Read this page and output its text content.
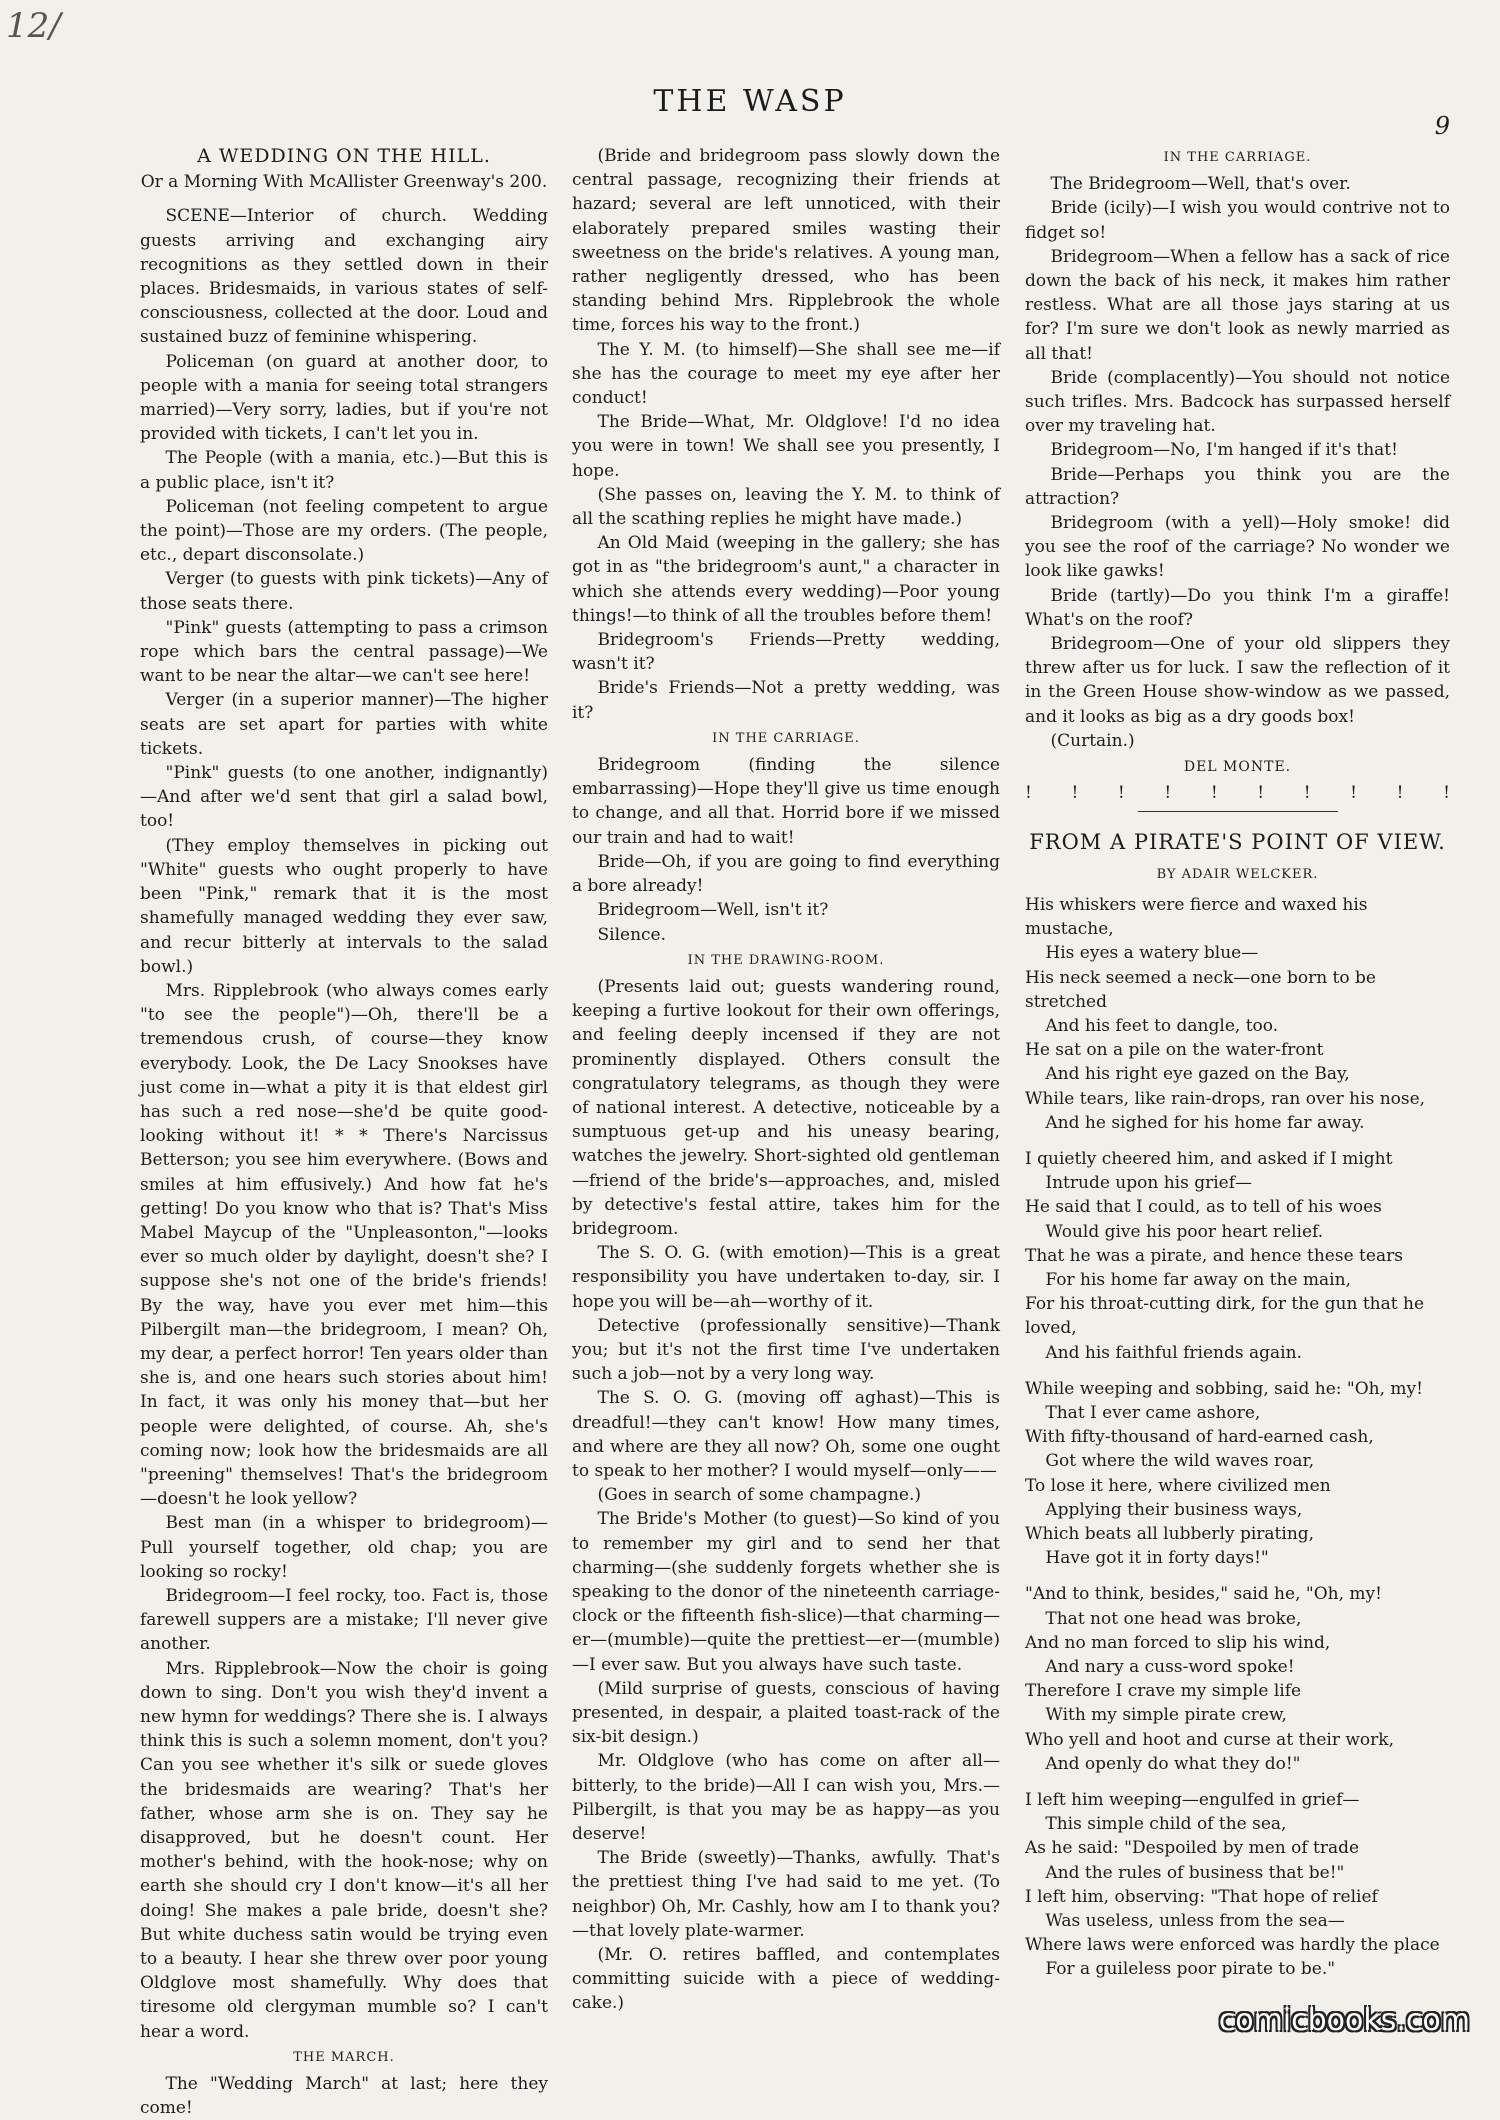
12/
THE WASP
9
A WEDDING ON THE HILL.
Or a Morning With McAllister Greenway's 200.

SCENE—Interior of church. Wedding guests arriving and exchanging airy recognitions as they settled down in their places. Bridesmaids, in various states of self-consciousness, collected at the door. Loud and sustained buzz of feminine whispering.

Policeman (on guard at another door, to people with a mania for seeing total strangers married)—Very sorry, ladies, but if you're not provided with tickets, I can't let you in.

The People (with a mania, etc.)—But this is a public place, isn't it?

Policeman (not feeling competent to argue the point)—Those are my orders. (The people, etc., depart disconsolate.)

Verger (to guests with pink tickets)—Any of those seats there.

"Pink" guests (attempting to pass a crimson rope which bars the central passage)—We want to be near the altar—we can't see here!

Verger (in a superior manner)—The higher seats are set apart for parties with white tickets.

"Pink" guests (to one another, indignantly)—And after we'd sent that girl a salad bowl, too!

(They employ themselves in picking out "White" guests who ought properly to have been "Pink," remark that it is the most shamefully managed wedding they ever saw, and recur bitterly at intervals to the salad bowl.)

Mrs. Ripplebrook (who always comes early "to see the people")—Oh, there'll be a tremendous crush, of course—they know everybody. Look, the De Lacy Snookses have just come in—what a pity it is that eldest girl has such a red nose—she'd be quite good-looking without it! * * There's Narcissus Betterson; you see him everywhere. (Bows and smiles at him effusively.) And how fat he's getting! Do you know who that is? That's Miss Mabel Maycup of the "Unpleasonton,"—looks ever so much older by daylight, doesn't she? I suppose she's not one of the bride's friends! By the way, have you ever met him—this Pilbergilt man—the bridegroom, I mean? Oh, my dear, a perfect horror! Ten years older than she is, and one hears such stories about him! In fact, it was only his money that—but her people were delighted, of course. Ah, she's coming now; look how the bridesmaids are all "preening" themselves! That's the bridegroom—doesn't he look yellow?

Best man (in a whisper to bridegroom)—Pull yourself together, old chap; you are looking so rocky!

Bridegroom—I feel rocky, too. Fact is, those farewell suppers are a mistake; I'll never give another.

Mrs. Ripplebrook—Now the choir is going down to sing. Don't you wish they'd invent a new hymn for weddings? There she is. I always think this is such a solemn moment, don't you? Can you see whether it's silk or suede gloves the bridesmaids are wearing? That's her father, whose arm she is on. They say he disapproved, but he doesn't count. Her mother's behind, with the hook-nose; why on earth she should cry I don't know—it's all her doing! She makes a pale bride, doesn't she? But white duchess satin would be trying even to a beauty. I hear she threw over poor young Oldglove most shamefully. Why does that tiresome old clergyman mumble so? I can't hear a word.

THE MARCH.

The "Wedding March" at last; here they come!

(Bride and bridegroom pass slowly down the central passage, recognizing their friends at hazard; several are left unnoticed, with their elaborately prepared smiles wasting their sweetness on the bride's relatives. A young man, rather negligently dressed, who has been standing behind Mrs. Ripplebrook the whole time, forces his way to the front.)

The Y. M. (to himself)—She shall see me—if she has the courage to meet my eye after her conduct!

The Bride—What, Mr. Oldglove! I'd no idea you were in town! We shall see you presently, I hope.

(She passes on, leaving the Y. M. to think of all the scathing replies he might have made.)

An Old Maid (weeping in the gallery; she has got in as "the bridegroom's aunt," a character in which she attends every wedding)—Poor young things!—to think of all the troubles before them!

Bridegroom's Friends—Pretty wedding, wasn't it?

Bride's Friends—Not a pretty wedding, was it?

IN THE CARRIAGE.

Bridegroom (finding the silence embarrassing)—Hope they'll give us time enough to change, and all that. Horrid bore if we missed our train and had to wait!

Bride—Oh, if you are going to find everything a bore already!

Bridegroom—Well, isn't it?

Silence.

IN THE DRAWING-ROOM.

(Presents laid out; guests wandering round, keeping a furtive lookout for their own offerings, and feeling deeply incensed if they are not prominently displayed. Others consult the congratulatory telegrams, as though they were of national interest. A detective, noticeable by a sumptuous get-up and his uneasy bearing, watches the jewelry. Short-sighted old gentleman—friend of the bride's—approaches, and, misled by detective's festal attire, takes him for the bridegroom.

The S. O. G. (with emotion)—This is a great responsibility you have undertaken to-day, sir. I hope you will be—ah—worthy of it.

Detective (professionally sensitive)—Thank you; but it's not the first time I've undertaken such a job—not by a very long way.

The S. O. G. (moving off aghast)—This is dreadful!—they can't know! How many times, and where are they all now? Oh, some one ought to speak to her mother? I would myself—only——

(Goes in search of some champagne.)

The Bride's Mother (to guest)—So kind of you to remember my girl and to send her that charming—(she suddenly forgets whether she is speaking to the donor of the nineteenth carriage-clock or the fifteenth fish-slice)—that charming—er—(mumble)—quite the prettiest—er—(mumble)—I ever saw. But you always have such taste.

(Mild surprise of guests, conscious of having presented, in despair, a plaited toast-rack of the six-bit design.)

Mr. Oldglove (who has come on after all—bitterly, to the bride)—All I can wish you, Mrs.—Pilbergilt, is that you may be as happy—as you deserve!

The Bride (sweetly)—Thanks, awfully. That's the prettiest thing I've had said to me yet. (To neighbor) Oh, Mr. Cashly, how am I to thank you?—that lovely plate-warmer.

(Mr. O. retires baffled, and contemplates committing suicide with a piece of wedding-cake.)

IN THE CARRIAGE.

The Bridegroom—Well, that's over.

Bride (icily)—I wish you would contrive not to fidget so!

Bridegroom—When a fellow has a sack of rice down the back of his neck, it makes him rather restless. What are all those jays staring at us for? I'm sure we don't look as newly married as all that!

Bride (complacently)—You should not notice such trifles. Mrs. Badcock has surpassed herself over my traveling hat.

Bridegroom—No, I'm hanged if it's that!

Bride—Perhaps you think you are the attraction?

Bridegroom (with a yell)—Holy smoke! did you see the roof of the carriage? No wonder we look like gawks!

Bride (tartly)—Do you think I'm a giraffe! What's on the roof?

Bridegroom—One of your old slippers they threw after us for luck. I saw the reflection of it in the Green House show-window as we passed, and it looks as big as a dry goods box!

(Curtain.)

DEL MONTE.
! ! ! ! ! ! ! ! ! !
FROM A PIRATE'S POINT OF VIEW.
BY ADAIR WELCKER.
His whiskers were fierce and waxed his mustache,
His eyes a watery blue—
His neck seemed a neck—one born to be stretched
And his feet to dangle, too.
He sat on a pile on the water-front
And his right eye gazed on the Bay,
While tears, like rain-drops, ran over his nose,
And he sighed for his home far away.
I quietly cheered him, and asked if I might
Intrude upon his grief—
He said that I could, as to tell of his woes
Would give his poor heart relief.
That he was a pirate, and hence these tears
For his home far away on the main,
For his throat-cutting dirk, for the gun that he loved,
And his faithful friends again.
While weeping and sobbing, said he: "Oh, my!
That I ever came ashore,
With fifty-thousand of hard-earned cash,
Got where the wild waves roar,
To lose it here, where civilized men
Applying their business ways,
Which beats all lubberly pirating,
Have got it in forty days!"
"And to think, besides," said he, "Oh, my!
That not one head was broke,
And no man forced to slip his wind,
And nary a cuss-word spoke!
Therefore I crave my simple life
With my simple pirate crew,
Who yell and hoot and curse at their work,
And openly do what they do!"
I left him weeping—engulfed in grief—
This simple child of the sea,
As he said: "Despoiled by men of trade
And the rules of business that be!"
I left him, observing: "That hope of relief
Was useless, unless from the sea—
Where laws were enforced was hardly the place
For a guileless poor pirate to be."
comicbooks.com
